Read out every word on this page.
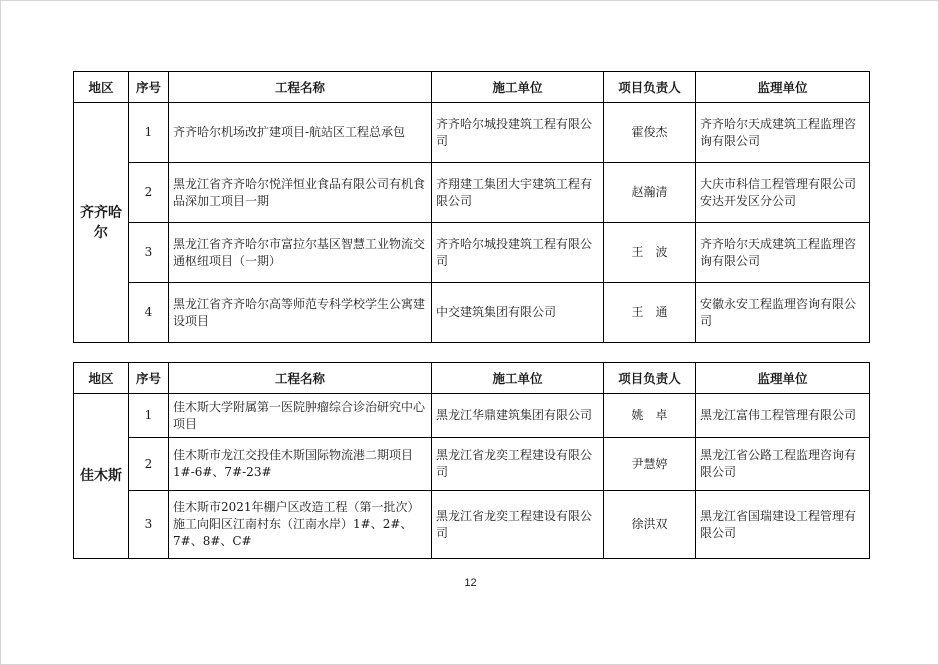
地区	序号	工程名称	施工单位	项目负责人	监理单位
齐齐哈尔	1	齐齐哈尔机场改扩建项目-航站区工程总承包	齐齐哈尔城投建筑工程有限公司	霍俊杰	齐齐哈尔天成建筑工程监理咨询有限公司
	2	黑龙江省齐齐哈尔悦洋恒业食品有限公司有机食品深加工项目一期	齐翔建工集团大宇建筑工程有限公司	赵瀚清	大庆市科信工程管理有限公司安达开发区分公司
	3	黑龙江省齐齐哈尔市富拉尔基区智慧工业物流交通枢纽项目（一期）	齐齐哈尔城投建筑工程有限公司	王　波	齐齐哈尔天成建筑工程监理咨询有限公司
	4	黑龙江省齐齐哈尔高等师范专科学校学生公寓建设项目	中交建筑集团有限公司	王　通	安徽永安工程监理咨询有限公司
地区	序号	工程名称	施工单位	项目负责人	监理单位
佳木斯	1	佳木斯大学附属第一医院肿瘤综合诊治研究中心项目	黑龙江华鼎建筑集团有限公司	姚　卓	黑龙江富伟工程管理有限公司
	2	佳木斯市龙江交投佳木斯国际物流港二期项目1#-6#、7#-23#	黑龙江省龙奕工程建设有限公司	尹慧婷	黑龙江省公路工程监理咨询有限公司
	3	佳木斯市2021年棚户区改造工程（第一批次）施工向阳区江南村东（江南水岸）1#、2#、7#、8#、C#	黑龙江省龙奕工程建设有限公司	徐洪双	黑龙江省国瑞建设工程管理有限公司
12
